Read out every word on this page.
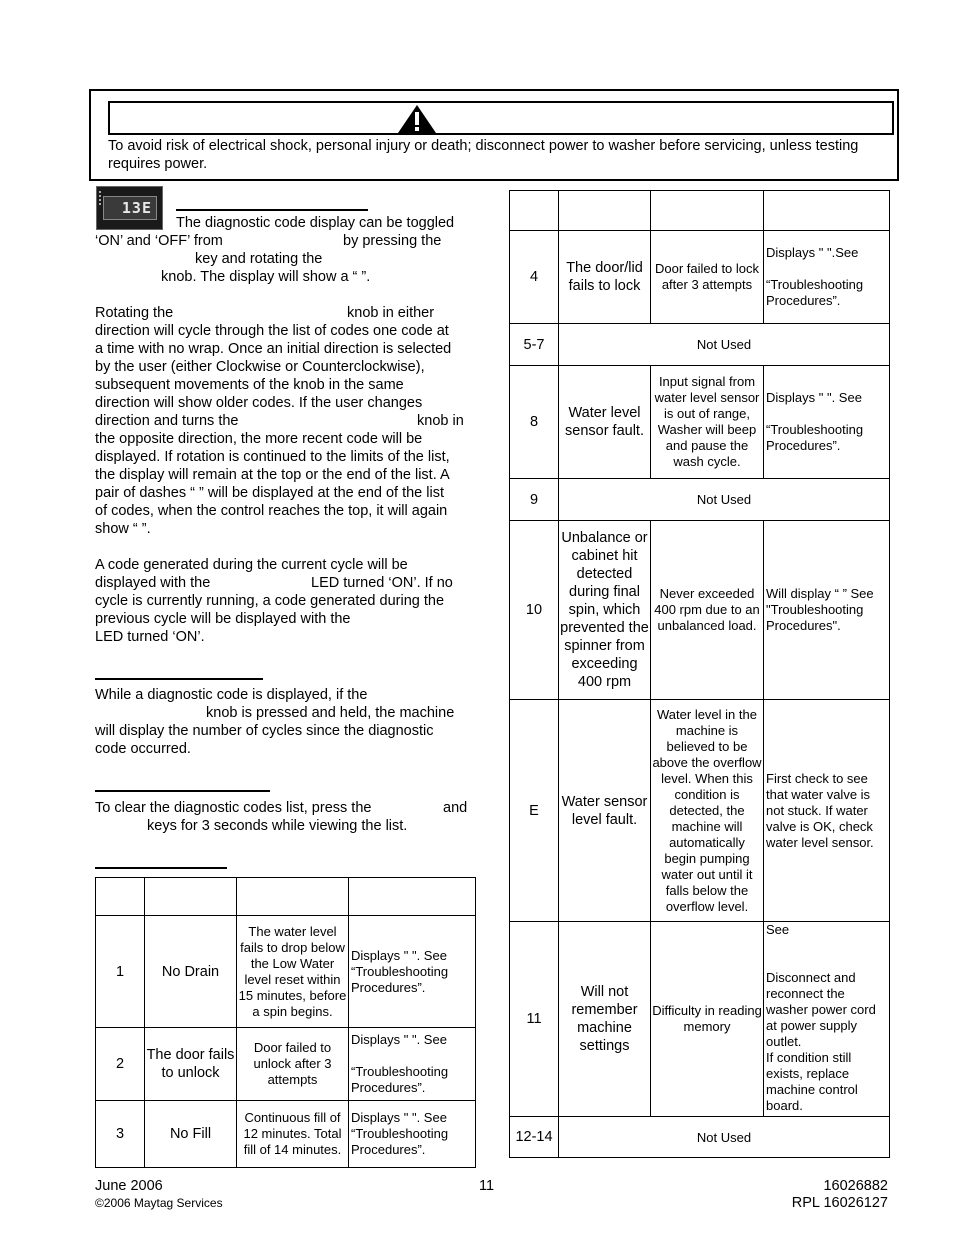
To avoid risk of electrical shock, personal injury or death; disconnect power to washer before servicing, unless testing requires power.
13E
The diagnostic code display can be toggled
‘ON’ and ‘OFF’ from	by pressing the
key and rotating the
knob. The display will show a “ ”.
Rotating the	knob in either
direction will cycle through the list of codes one code at
a time with no wrap. Once an initial direction is selected
by the user (either Clockwise or Counterclockwise),
subsequent movements of the knob in the same
direction will show older codes. If the user changes
direction and turns the	knob in
the opposite direction, the more recent code will be
displayed. If rotation is continued to the limits of the list,
the display will remain at the top or the end of the list. A
pair of dashes “ ” will be displayed at the end of the list
of codes, when the control reaches the top, it will again
show “ ”.
A code generated during the current cycle will be
displayed with the	LED turned ‘ON’. If no
cycle is currently running, a code generated during the
previous cycle will be displayed with the
LED turned ‘ON’.
While a diagnostic code is displayed, if the
knob is pressed and held, the machine
will display the number of cycles since the diagnostic
code occurred.
To clear the diagnostic codes list, press the	and
keys for 3 seconds while viewing the list.

1	No Drain	The water level fails to drop below the Low Water level reset within 15 minutes, before a spin begins.	Displays " ". See “Troubleshooting Procedures”.
2	The door fails to unlock	Door failed to unlock after 3 attempts	Displays " ". See

“Troubleshooting Procedures”.
3	No Fill	Continuous fill of 12 minutes. Total fill of 14 minutes.	Displays " ". See “Troubleshooting Procedures”.

4	The door/lid fails to lock	Door failed to lock after 3 attempts	Displays " ".See

“Troubleshooting Procedures”.
5-7	Not Used		
8	Water level sensor fault.	Input signal from water level sensor is out of range, Washer will beep and pause the wash cycle.	Displays " ". See

“Troubleshooting Procedures”.
9	Not Used		
10	Unbalance or cabinet hit detected during final spin, which prevented the spinner from exceeding 400 rpm	Never exceeded 400 rpm due to an unbalanced load.	Will display “ ” See "Troubleshooting Procedures".
E	Water sensor level fault.	Water level in the machine is believed to be above the overflow level. When this condition is detected, the machine will automatically begin pumping water out until it falls below the overflow level.	First check to see that water valve is not stuck. If water valve is OK, check water level sensor.
11	Will not remember machine settings	Difficulty in reading memory	See

Disconnect and reconnect the washer power cord at power supply outlet.
If condition still exists, replace machine control board.
12-14	Not Used		
June 2006	11	16026882
©2006 Maytag Services	RPL 16026127
